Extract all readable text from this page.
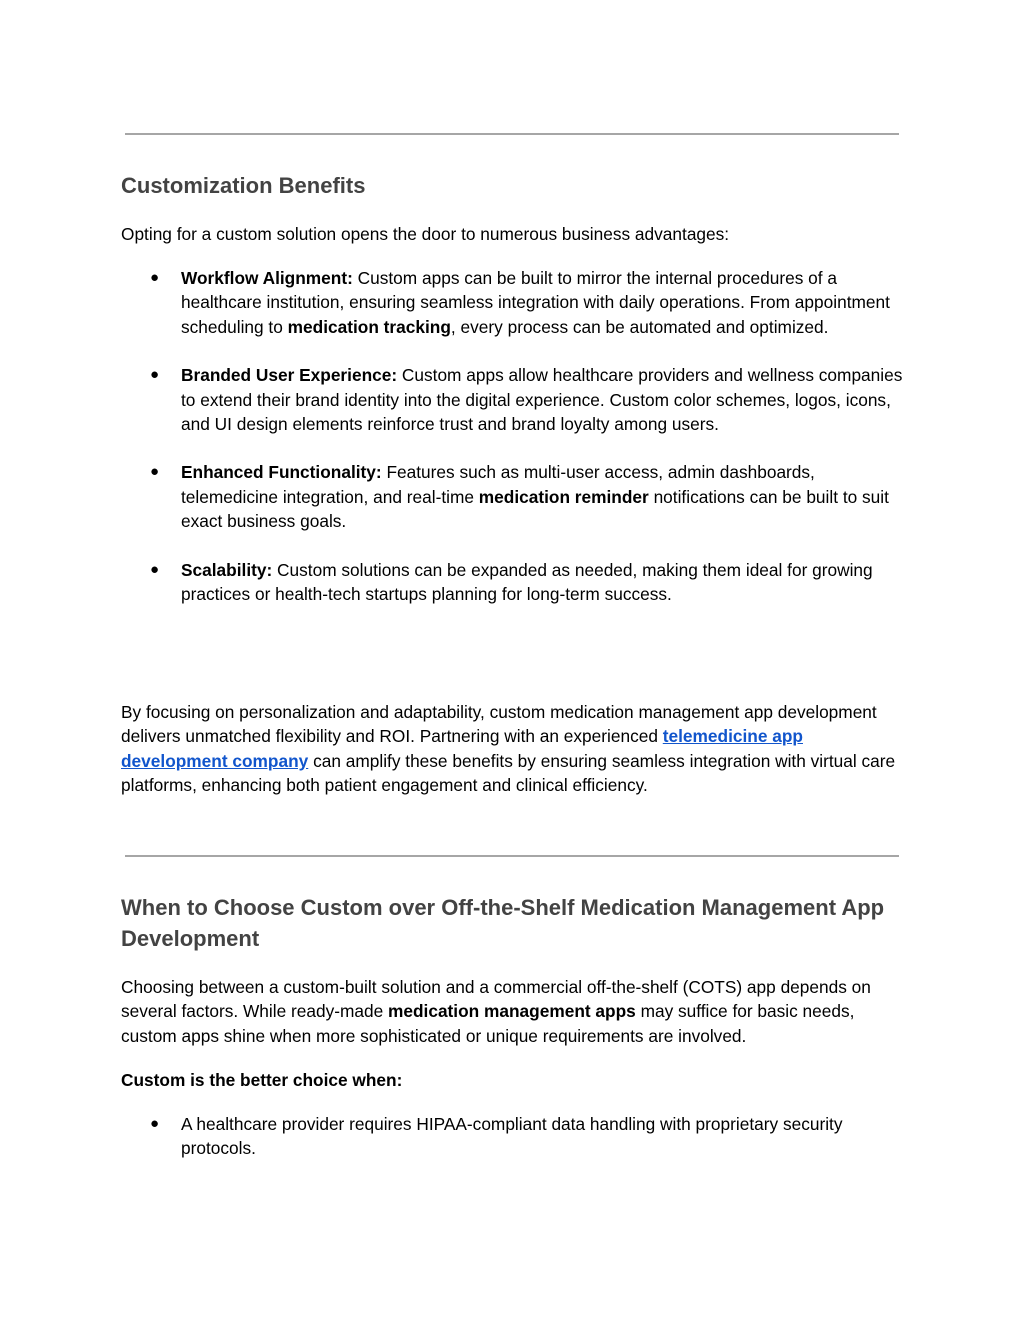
Customization Benefits

Opting for a custom solution opens the door to numerous business advantages:

● Workflow Alignment: Custom apps can be built to mirror the internal procedures of a healthcare institution, ensuring seamless integration with daily operations. From appointment scheduling to medication tracking, every process can be automated and optimized.
● Branded User Experience: Custom apps allow healthcare providers and wellness companies to extend their brand identity into the digital experience. Custom color schemes, logos, icons, and UI design elements reinforce trust and brand loyalty among users.
● Enhanced Functionality: Features such as multi-user access, admin dashboards, telemedicine integration, and real-time medication reminder notifications can be built to suit exact business goals.
● Scalability: Custom solutions can be expanded as needed, making them ideal for growing practices or health-tech startups planning for long-term success.

By focusing on personalization and adaptability, custom medication management app development delivers unmatched flexibility and ROI. Partnering with an experienced telemedicine app development company can amplify these benefits by ensuring seamless integration with virtual care platforms, enhancing both patient engagement and clinical efficiency.

When to Choose Custom over Off-the-Shelf Medication Management App Development

Choosing between a custom-built solution and a commercial off-the-shelf (COTS) app depends on several factors. While ready-made medication management apps may suffice for basic needs, custom apps shine when more sophisticated or unique requirements are involved.

Custom is the better choice when:

● A healthcare provider requires HIPAA-compliant data handling with proprietary security protocols.
